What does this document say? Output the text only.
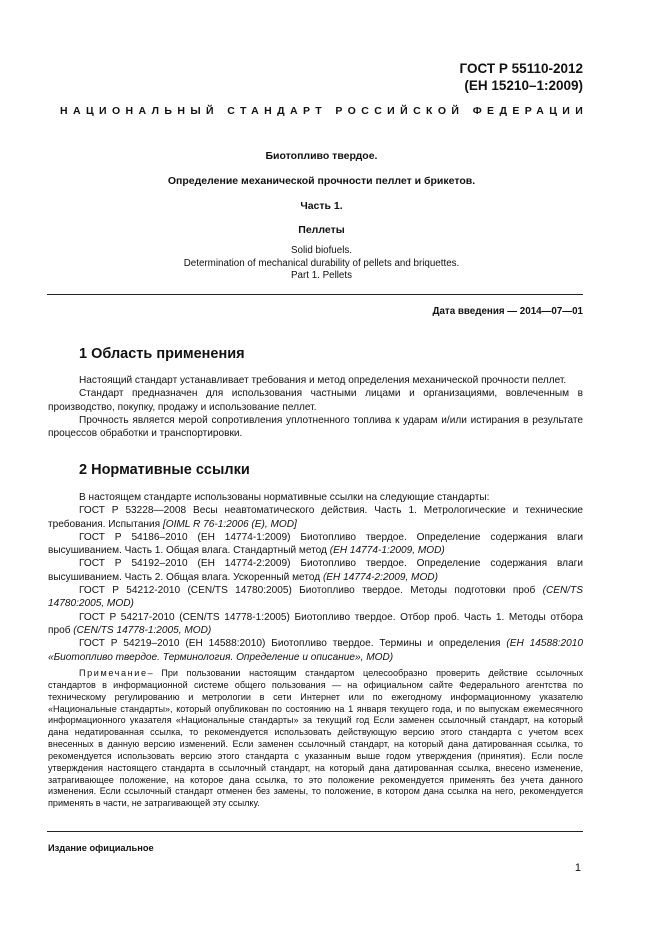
ГОСТ Р 55110-2012
(ЕН 15210–1:2009)
НАЦИОНАЛЬНЫЙ СТАНДАРТ РОССИЙСКОЙ ФЕДЕРАЦИИ
Биотопливо твердое.
Определение механической прочности пеллет и брикетов.
Часть 1.
Пеллеты
Solid biofuels.
Determination of mechanical durability of pellets and briquettes.
Part 1. Pellets
Дата введения — 2014—07—01
1 Область применения

Настоящий стандарт устанавливает требования и метод определения механической прочности пеллет.

Стандарт предназначен для использования частными лицами и организациями, вовлеченным в производство, покупку, продажу и использование пеллет.

Прочность является мерой сопротивления уплотненного топлива к ударам и/или истирания в результате процессов обработки и транспортировки.

2 Нормативные ссылки

В настоящем стандарте использованы нормативные ссылки на следующие стандарты:

ГОСТ Р 53228—2008 Весы неавтоматического действия. Часть 1. Метрологические и технические требования. Испытания [OIML R 76-1:2006 (E), MOD]

ГОСТ Р 54186–2010 (ЕН 14774-1:2009) Биотопливо твердое. Определение содержания влаги высушиванием. Часть 1. Общая влага. Стандартный метод (ЕН 14774-1:2009, MOD)

ГОСТ Р 54192–2010 (ЕН 14774-2:2009) Биотопливо твердое. Определение содержания влаги высушиванием. Часть 2. Общая влага. Ускоренный метод (ЕН 14774-2:2009, MOD)

ГОСТ Р 54212-2010 (CEN/TS 14780:2005) Биотопливо твердое. Методы подготовки проб (CEN/TS 14780:2005, MOD)

ГОСТ Р 54217-2010 (CEN/TS 14778-1:2005) Биотопливо твердое. Отбор проб. Часть 1. Методы отбора проб (CEN/TS 14778-1:2005, MOD)

ГОСТ Р 54219–2010 (ЕН 14588:2010) Биотопливо твердое. Термины и определения (ЕН 14588:2010 «Биотопливо твердое. Терминология. Определение и описание», MOD)

Примечание– При пользовании настоящим стандартом целесообразно проверить действие ссылочных стандартов в информационной системе общего пользования — на официальном сайте Федерального агентства по техническому регулированию и метрологии в сети Интернет или по ежегодному информационному указателю «Национальные стандарты», который опубликован по состоянию на 1 января текущего года, и по выпускам ежемесячного информационного указателя «Национальные стандарты» за текущий год Если заменен ссылочный стандарт, на который дана недатированная ссылка, то рекомендуется использовать действующую версию этого стандарта с учетом всех внесенных в данную версию изменений. Если заменен ссылочный стандарт, на который дана датированная ссылка, то рекомендуется использовать версию этого стандарта с указанным выше годом утверждения (принятия). Если после утверждения настоящего стандарта в ссылочный стандарт, на который дана датированная ссылка, внесено изменение, затрагивающее положение, на которое дана ссылка, то это положение рекомендуется применять без учета данного изменения. Если ссылочный стандарт отменен без замены, то положение, в котором дана ссылка на него, рекомендуется применять в части, не затрагивающей эту ссылку.

Издание официальное
1
